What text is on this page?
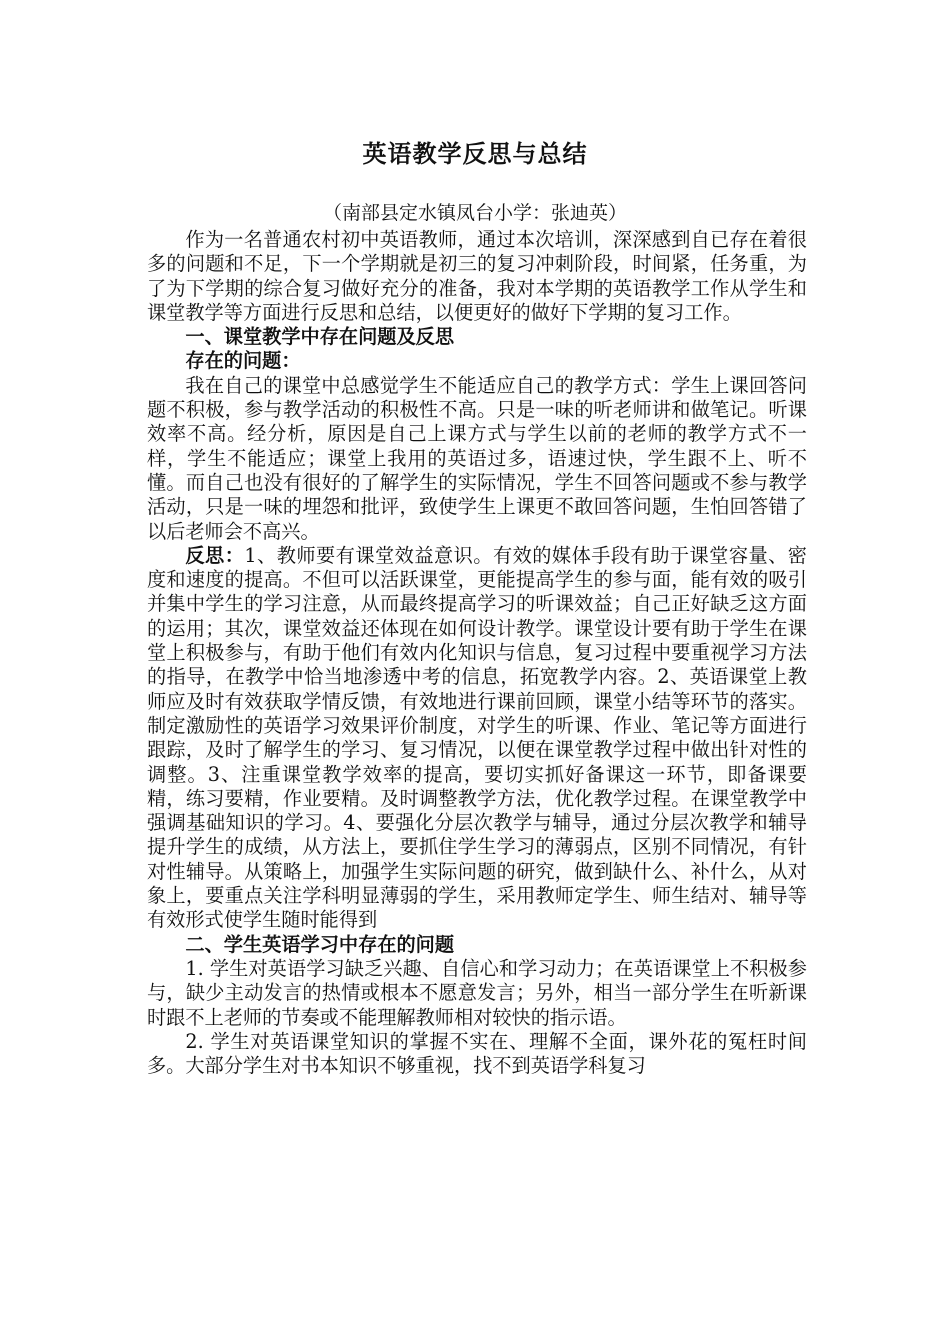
英语教学反思与总结
（南部县定水镇凤台小学：张迪英）

作为一名普通农村初中英语教师，通过本次培训，深深感到自已存在着很多的问题和不足，下一个学期就是初三的复习冲刺阶段，时间紧，任务重，为了为下学期的综合复习做好充分的准备，我对本学期的英语教学工作从学生和课堂教学等方面进行反思和总结，以便更好的做好下学期的复习工作。

一、课堂教学中存在问题及反思

存在的问题：

我在自己的课堂中总感觉学生不能适应自己的教学方式：学生上课回答问题不积极，参与教学活动的积极性不高。只是一味的听老师讲和做笔记。听课效率不高。经分析，原因是自己上课方式与学生以前的老师的教学方式不一样，学生不能适应；课堂上我用的英语过多，语速过快，学生跟不上、听不懂。而自己也没有很好的了解学生的实际情况，学生不回答问题或不参与教学活动，只是一味的埋怨和批评，致使学生上课更不敢回答问题，生怕回答错了以后老师会不高兴。

反思：1、教师要有课堂效益意识。有效的媒体手段有助于课堂容量、密度和速度的提高。不但可以活跃课堂，更能提高学生的参与面，能有效的吸引并集中学生的学习注意，从而最终提高学习的听课效益；自己正好缺乏这方面的运用；其次，课堂效益还体现在如何设计教学。课堂设计要有助于学生在课堂上积极参与，有助于他们有效内化知识与信息，复习过程中要重视学习方法的指导，在教学中恰当地渗透中考的信息，拓宽教学内容。2、英语课堂上教师应及时有效获取学情反馈，有效地进行课前回顾，课堂小结等环节的落实。制定激励性的英语学习效果评价制度，对学生的听课、作业、笔记等方面进行跟踪，及时了解学生的学习、复习情况，以便在课堂教学过程中做出针对性的调整。3、注重课堂教学效率的提高，要切实抓好备课这一环节，即备课要精，练习要精，作业要精。及时调整教学方法，优化教学过程。在课堂教学中强调基础知识的学习。4、要强化分层次教学与辅导，通过分层次教学和辅导提升学生的成绩，从方法上，要抓住学生学习的薄弱点，区别不同情况，有针对性辅导。从策略上，加强学生实际问题的研究，做到缺什么、补什么，从对象上，要重点关注学科明显薄弱的学生，采用教师定学生、师生结对、辅导等有效形式使学生随时能得到

二、学生英语学习中存在的问题

1. 学生对英语学习缺乏兴趣、自信心和学习动力；在英语课堂上不积极参与，缺少主动发言的热情或根本不愿意发言；另外，相当一部分学生在听新课时跟不上老师的节奏或不能理解教师相对较快的指示语。

2. 学生对英语课堂知识的掌握不实在、理解不全面，课外花的冤枉时间多。大部分学生对书本知识不够重视，找不到英语学科复习
